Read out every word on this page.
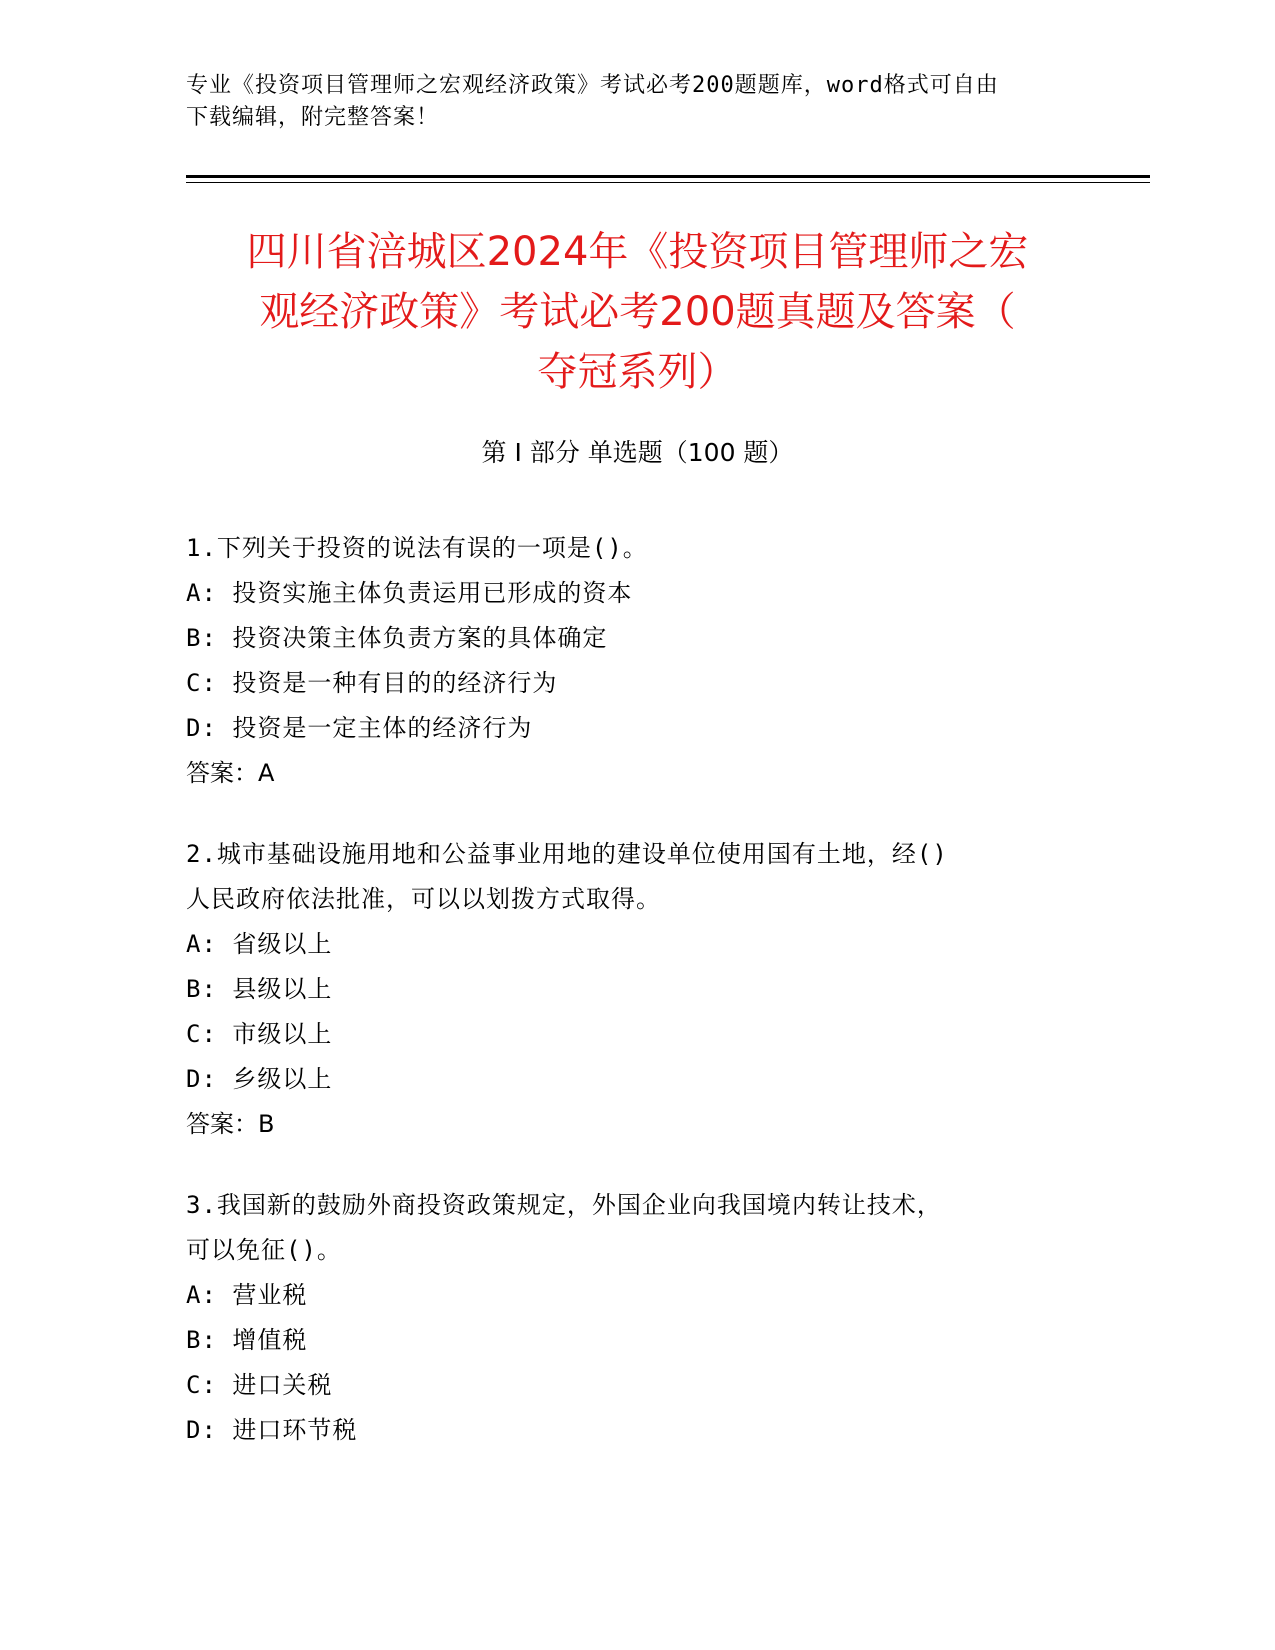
专业《投资项目管理师之宏观经济政策》考试必考200题题库，word格式可自由
下载编辑，附完整答案！
四川省涪城区2024年《投资项目管理师之宏
观经济政策》考试必考200题真题及答案（
夺冠系列）
第 I 部分 单选题（100 题）
1.下列关于投资的说法有误的一项是()。
A: 投资实施主体负责运用已形成的资本
B: 投资决策主体负责方案的具体确定
C: 投资是一种有目的的经济行为
D: 投资是一定主体的经济行为
答案：A
2.城市基础设施用地和公益事业用地的建设单位使用国有土地，经()
人民政府依法批准，可以以划拨方式取得。
A: 省级以上
B: 县级以上
C: 市级以上
D: 乡级以上
答案：B
3.我国新的鼓励外商投资政策规定，外国企业向我国境内转让技术，
可以免征()。
A: 营业税
B: 增值税
C: 进口关税
D: 进口环节税
